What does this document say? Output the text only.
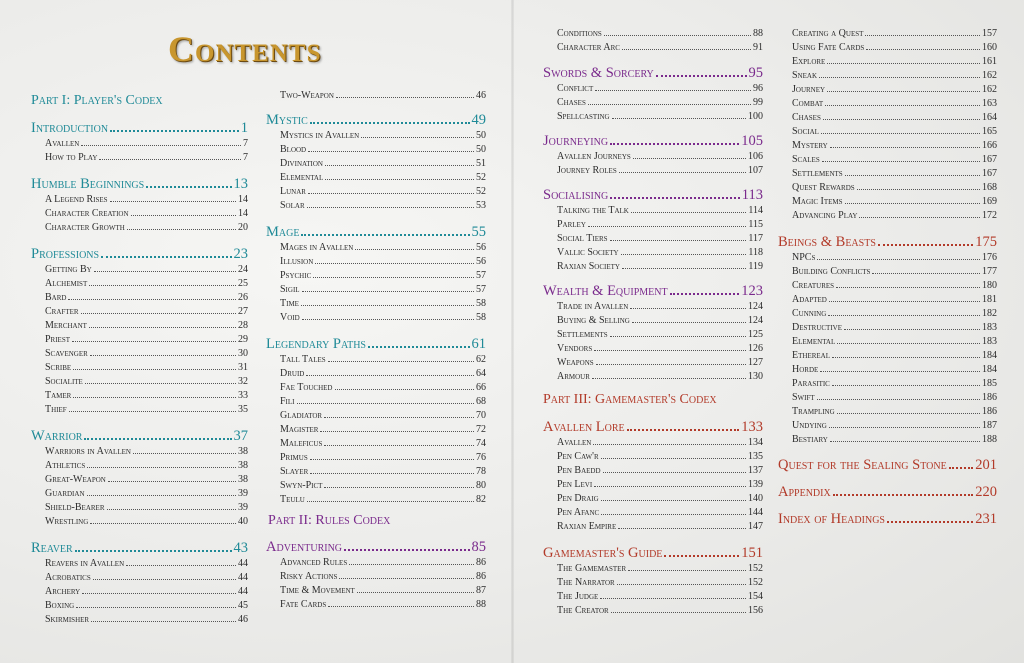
Contents
Part I: Player's Codex
Introduction	1
Avallen	7
How to Play	7
Humble Beginnings	13
A Legend Rises	14
Character Creation	14
Character Growth	20
Professions	23
Getting By	24
Alchemist	25
Bard	26
Crafter	27
Merchant	28
Priest	29
Scavenger	30
Scribe	31
Socialite	32
Tamer	33
Thief	35
Warrior	37
Warriors in Avallen	38
Athletics	38
Great-Weapon	38
Guardian	39
Shield-Bearer	39
Wrestling	40
Reaver	43
Reavers in Avallen	44
Acrobatics	44
Archery	44
Boxing	45
Skirmisher	46
Two-Weapon	46
Mystic	49
Mystics in Avallen	50
Blood	50
Divination	51
Elemental	52
Lunar	52
Solar	53
Mage	55
Mages in Avallen	56
Illusion	56
Psychic	57
Sigil	57
Time	58
Void	58
Legendary Paths	61
Tall Tales	62
Druid	64
Fae Touched	66
Fili	68
Gladiator	70
Magister	72
Maleficus	74
Primus	76
Slayer	78
Swyn-Pict	80
Teulu	82
Part II: Rules Codex
Adventuring	85
Advanced Rules	86
Risky Actions	86
Time & Movement	87
Fate Cards	88
Conditions	88
Character Arc	91
Swords & Sorcery	95
Conflict	96
Chases	99
Spellcasting	100
Journeying	105
Avallen Journeys	106
Journey Roles	107
Socialising	113
Talking the Talk	114
Parley	115
Social Tiers	117
Vallic Society	118
Raxian Society	119
Wealth & Equipment	123
Trade in Avallen	124
Buying & Selling	124
Settlements	125
Vendors	126
Weapons	127
Armour	130
Part III: Gamemaster's Codex
Avallen Lore	133
Avallen	134
Pen Caw'r	135
Pen Baedd	137
Pen Levi	139
Pen Draig	140
Pen Afanc	144
Raxian Empire	147
Gamemaster's Guide	151
The Gamemaster	152
The Narrator	152
The Judge	154
The Creator	156
Creating a Quest	157
Using Fate Cards	160
Explore	161
Sneak	162
Journey	162
Combat	163
Chases	164
Social	165
Mystery	166
Scales	167
Settlements	167
Quest Rewards	168
Magic Items	169
Advancing Play	172
Beings & Beasts	175
NPCs	176
Building Conflicts	177
Creatures	180
Adapted	181
Cunning	182
Destructive	183
Elemental	183
Ethereal	184
Horde	184
Parasitic	185
Swift	186
Trampling	186
Undying	187
Bestiary	188
Quest for the Sealing Stone 201
Appendix	220
Index of Headings	231
